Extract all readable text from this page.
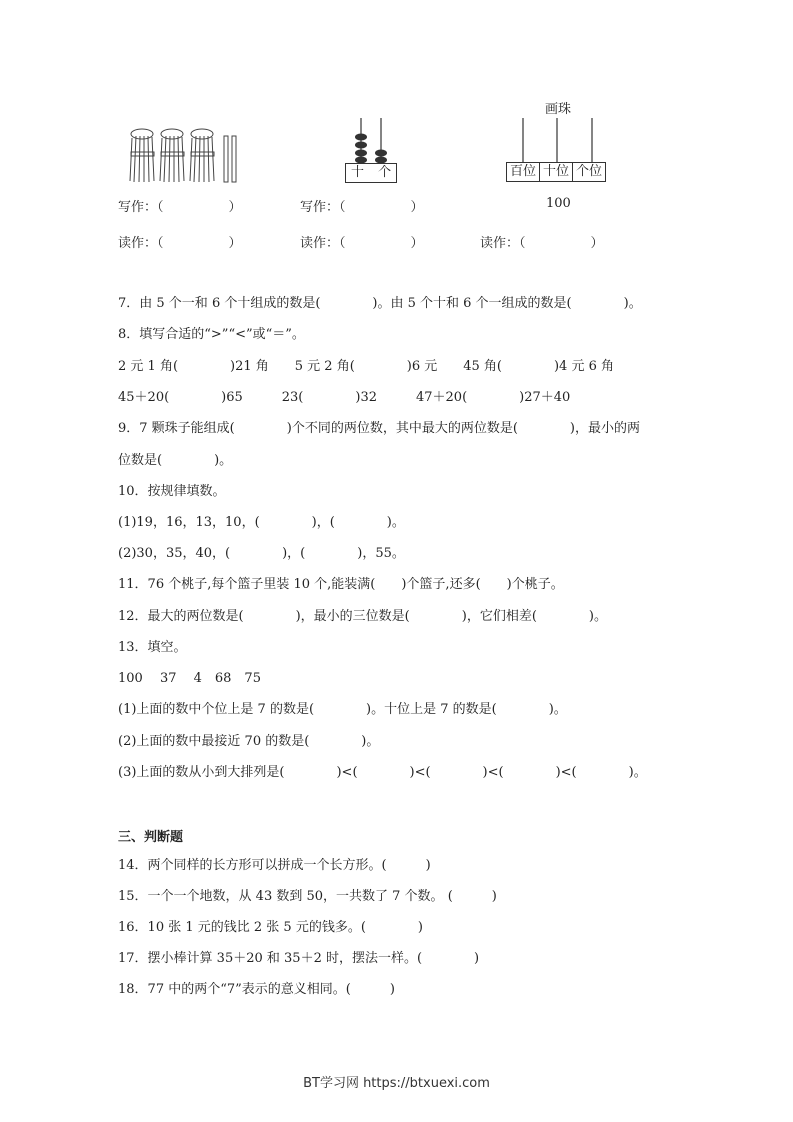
十 个
画珠
百位 十位 个位
100
写作：（　　　　　）	写作：（　　　　　）
读作：（　　　　　）	读作：（　　　　　）	读作：（　　　　　）
7．由 5 个一和 6 个十组成的数是(　　　　)。由 5 个十和 6 个一组成的数是(　　　　)。
8．填写合适的“>”“<”或“＝”。
2 元 1 角(　　　　)21 角　　5 元 2 角(　　　　)6 元　　45 角(　　　　)4 元 6 角
45＋20(　　　　)65　　　23(　　　　)32　　　47＋20(　　　　)27＋40
9．7 颗珠子能组成(　　　　)个不同的两位数，其中最大的两位数是(　　　　)，最小的两
位数是(　　　　)。
10．按规律填数。
(1)19，16，13，10，(　　　　)，(　　　　)。
(2)30，35，40，(　　　　)，(　　　　)，55。
11．76 个桃子,每个篮子里装 10 个,能装满(　　)个篮子,还多(　　)个桃子。
12．最大的两位数是(　　　　)，最小的三位数是(　　　　)，它们相差(　　　　)。
13．填空。
100　 37　 4　68　75
(1)上面的数中个位上是 7 的数是(　　　　)。十位上是 7 的数是(　　　　)。
(2)上面的数中最接近 70 的数是(　　　　)。
(3)上面的数从小到大排列是(　　　　)<(　　　　)<(　　　　)<(　　　　)<(　　　　)。
三、判断题
14．两个同样的长方形可以拼成一个长方形。(　　　)
15．一个一个地数，从 43 数到 50，一共数了 7 个数。 (　　　)
16．10 张 1 元的钱比 2 张 5 元的钱多。(　　　　)
17．摆小棒计算 35＋20 和 35＋2 时，摆法一样。(　　　　)
18．77 中的两个“7”表示的意义相同。(　　　)
BT学习网 https://btxuexi.com
